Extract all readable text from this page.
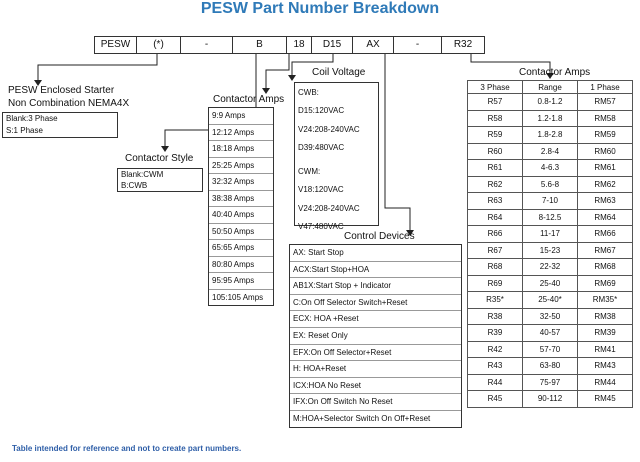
PESW Part Number Breakdown
PESW	(*)	-	B	18	D15	AX	-	R32
PESW Enclosed Starter
Non Combination NEMA4X
Blank:3 Phase
S:1 Phase
Contactor Style
Blank:CWM
B:CWB
Contactor Amps
9:9 Amps
12:12 Amps
18:18 Amps
25:25 Amps
32:32 Amps
38:38 Amps
40:40 Amps
50:50 Amps
65:65 Amps
80:80 Amps
95:95 Amps
105:105 Amps
Coil Voltage
CWB:
D15:120VAC
V24:208-240VAC
D39:480VAC
CWM:
V18:120VAC
V24:208-240VAC
V47:480VAC
Control Devices
AX: Start Stop
ACX:Start Stop+HOA
AB1X:Start Stop + Indicator
C:On Off Selector Switch+Reset
ECX: HOA +Reset
EX: Reset Only
EFX:On Off Selector+Reset
H: HOA+Reset
ICX:HOA No Reset
IFX:On Off Switch No Reset
M:HOA+Selector Switch On Off+Reset
Contactor Amps
3 Phase	Range	1 Phase
R57	0.8-1.2	RM57
R58	1.2-1.8	RM58
R59	1.8-2.8	RM59
R60	2.8-4	RM60
R61	4-6.3	RM61
R62	5.6-8	RM62
R63	7-10	RM63
R64	8-12.5	RM64
R66	11-17	RM66
R67	15-23	RM67
R68	22-32	RM68
R69	25-40	RM69
R35*	25-40*	RM35*
R38	32-50	RM38
R39	40-57	RM39
R42	57-70	RM41
R43	63-80	RM43
R44	75-97	RM44
R45	90-112	RM45
Table intended for reference and not to create part numbers.
